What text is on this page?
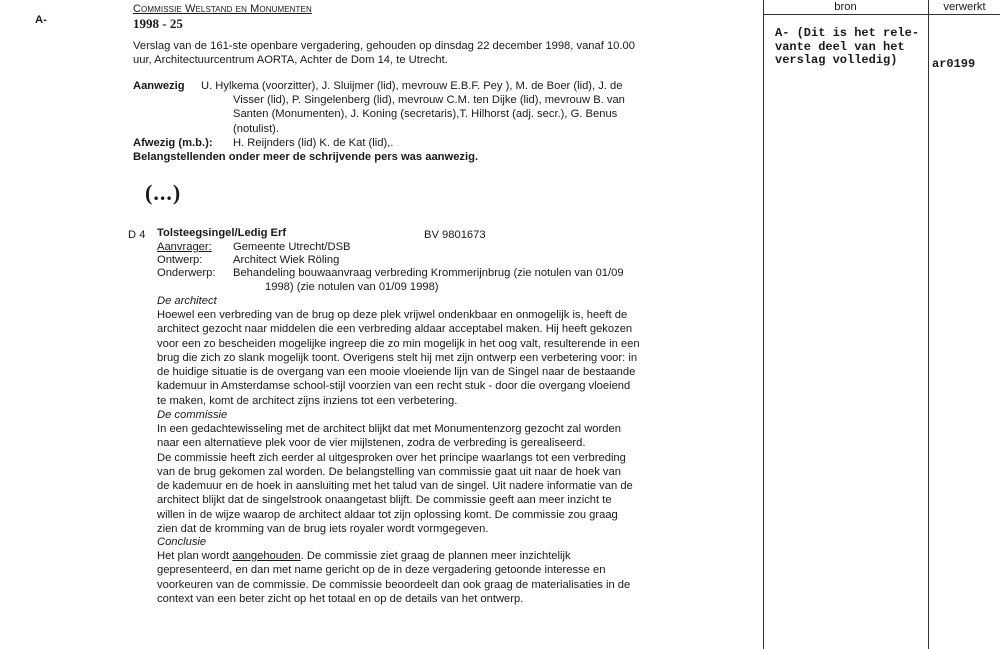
A-
Commissie Welstand en Monumenten
1998 - 25
Verslag van de 161-ste openbare vergadering, gehouden op dinsdag 22 december 1998, vanaf 10.00
uur, Architectuurcentrum AORTA, Achter de Dom 14, te Utrecht.
Aanwezig U. Hylkema (voorzitter), J. Sluijmer (lid), mevrouw E.B.F. Pey ), M. de Boer (lid), J. de
Visser (lid), P. Singelenberg (lid), mevrouw C.M. ten Dijke (lid), mevrouw B. van
Santen (Monumenten), J. Koning (secretaris),T. Hilhorst (adj. secr.), G. Benus
(notulist).
Afwezig (m.b.): H. Reijnders (lid) K. de Kat (lid),.
Belangstellenden onder meer de schrijvende pers was aanwezig.
(...)
D 4 Tolsteegsingel/Ledig Erf	BV 9801673
Aanvrager: Gemeente Utrecht/DSB
Ontwerp:	Architect Wiek Röling
Onderwerp: Behandeling bouwaanvraag verbreding Krommerijnbrug (zie notulen van 01/09
1998) (zie notulen van 01/09 1998)
De architect
Hoewel een verbreding van de brug op deze plek vrijwel ondenkbaar en onmogelijk is, heeft de
architect gezocht naar middelen die een verbreding aldaar acceptabel maken. Hij heeft gekozen
voor een zo bescheiden mogelijke ingreep die zo min mogelijk in het oog valt, resulterende in een
brug die zich zo slank mogelijk toont. Overigens stelt hij met zijn ontwerp een verbetering voor: in
de huidige situatie is de overgang van een mooie vloeiende lijn van de Singel naar de bestaande
kademuur in Amsterdamse school-stijl voorzien van een recht stuk - door die overgang vloeiend
te maken, komt de architect zijns inziens tot een verbetering.
De commissie
In een gedachtewisseling met de architect blijkt dat met Monumentenzorg gezocht zal worden
naar een alternatieve plek voor de vier mijlstenen, zodra de verbreding is gerealiseerd.
De commissie heeft zich eerder al uitgesproken over het principe waarlangs tot een verbreding
van de brug gekomen zal worden. De belangstelling van commissie gaat uit naar de hoek van
de kademuur en de hoek in aansluiting met het talud van de singel. Uit nadere informatie van de
architect blijkt dat de singelstrook onaangetast blijft. De commissie geeft aan meer inzicht te
willen in de wijze waarop de architect aldaar tot zijn oplossing komt. De commissie zou graag
zien dat de kromming van de brug iets royaler wordt vormgegeven.
Conclusie
Het plan wordt aangehouden. De commissie ziet graag de plannen meer inzichtelijk
gepresenteerd, en dan met name gericht op de in deze vergadering getoonde interesse en
voorkeuren van de commissie. De commissie beoordeelt dan ook graag de materialisaties in de
context van een beter zicht op het totaal en op de details van het ontwerp.
bron	verwerkt
A- (Dit is het rele-
vante deel van het
verslag volledig)	ar0199
